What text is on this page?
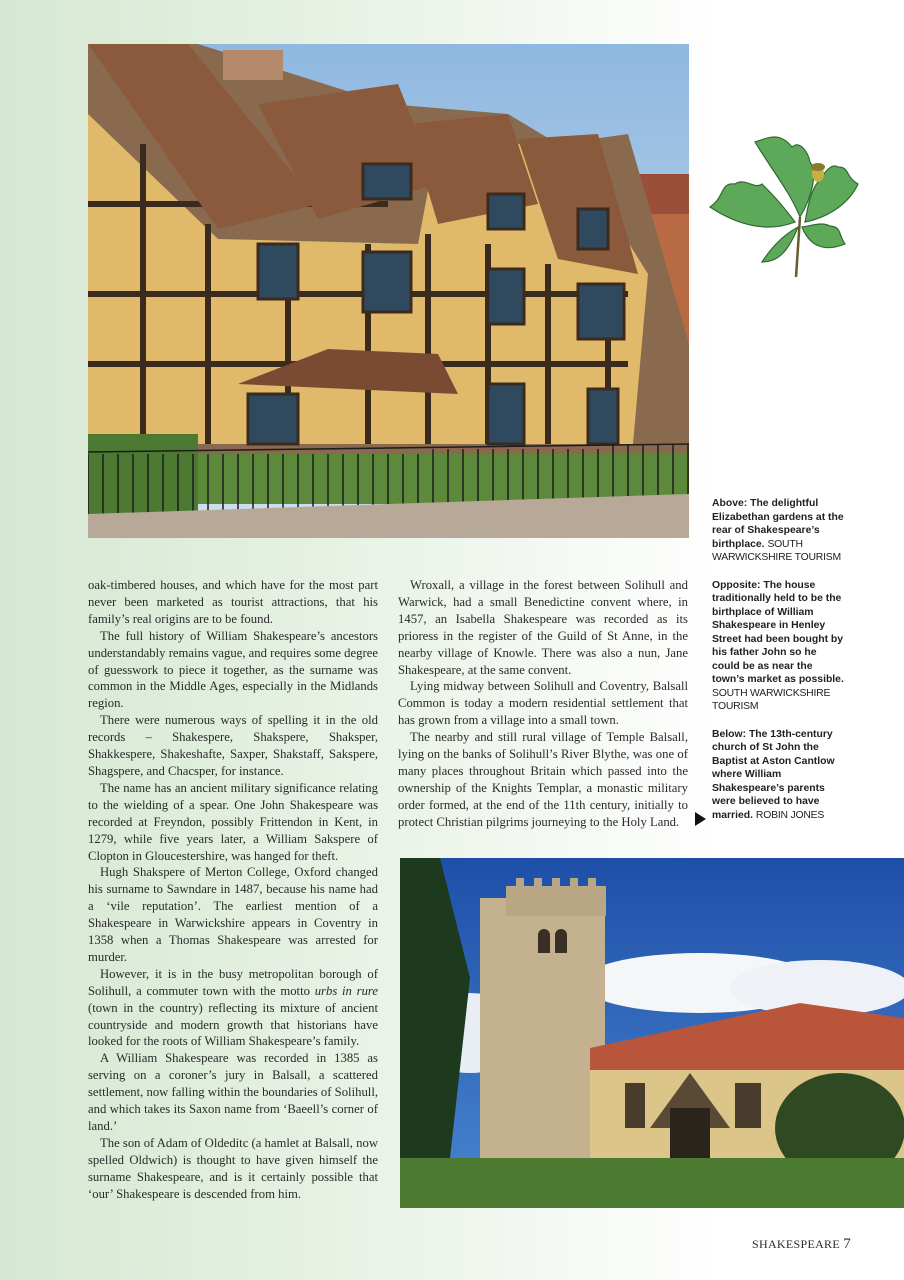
oak-timbered houses, and which have for the most part never been marketed as tourist attractions, that his family’s real origins are to be found.

The full history of William Shakespeare’s ancestors understandably remains vague, and requires some degree of guesswork to piece it together, as the surname was common in the Middle Ages, especially in the Midlands region.

There were numerous ways of spelling it in the old records – Shakespere, Shakspere, Shaksper, Shakkespere, Shakeshafte, Saxper, Shakstaff, Sakspere, Shagspere, and Chacsper, for instance.

The name has an ancient military significance relating to the wielding of a spear. One John Shakespeare was recorded at Freyndon, possibly Frittendon in Kent, in 1279, while five years later, a William Sakspere of Clopton in Gloucestershire, was hanged for theft.

Hugh Shakspere of Merton College, Oxford changed his surname to Sawndare in 1487, because his name had a ‘vile reputation’. The earliest mention of a Shakespeare in Warwickshire appears in Coventry in 1358 when a Thomas Shakespeare was arrested for murder.

However, it is in the busy metropolitan borough of Solihull, a commuter town with the motto urbs in rure (town in the country) reflecting its mixture of ancient countryside and modern growth that historians have looked for the roots of William Shakespeare’s family.

A William Shakespeare was recorded in 1385 as serving on a coroner’s jury in Balsall, a scattered settlement, now falling within the boundaries of Solihull, and which takes its Saxon name from ‘Baeell’s corner of land.’

The son of Adam of Oldeditc (a hamlet at Balsall, now spelled Oldwich) is thought to have given himself the surname Shakespeare, and is it certainly possible that ‘our’ Shakespeare is descended from him.

Wroxall, a village in the forest between Solihull and Warwick, had a small Benedictine convent where, in 1457, an Isabella Shakespeare was recorded as its prioress in the register of the Guild of St Anne, in the nearby village of Knowle. There was also a nun, Jane Shakespeare, at the same convent.

Lying midway between Solihull and Coventry, Balsall Common is today a modern residential settlement that has grown from a village into a small town.

The nearby and still rural village of Temple Balsall, lying on the banks of Solihull’s River Blythe, was one of many places throughout Britain which passed into the ownership of the Knights Templar, a monastic military order formed, at the end of the 11th century, initially to protect Christian pilgrims journeying to the Holy Land.

Above: The delightful Elizabethan gardens at the rear of Shakespeare’s birthplace. SOUTH WARWICKSHIRE TOURISM

Opposite: The house traditionally held to be the birthplace of William Shakespeare in Henley Street had been bought by his father John so he could be as near the town’s market as possible. SOUTH WARWICKSHIRE TOURISM

Below: The 13th-century church of St John the Baptist at Aston Cantlow where William Shakespeare’s parents were believed to have married. ROBIN JONES

SHAKESPEARE 7
